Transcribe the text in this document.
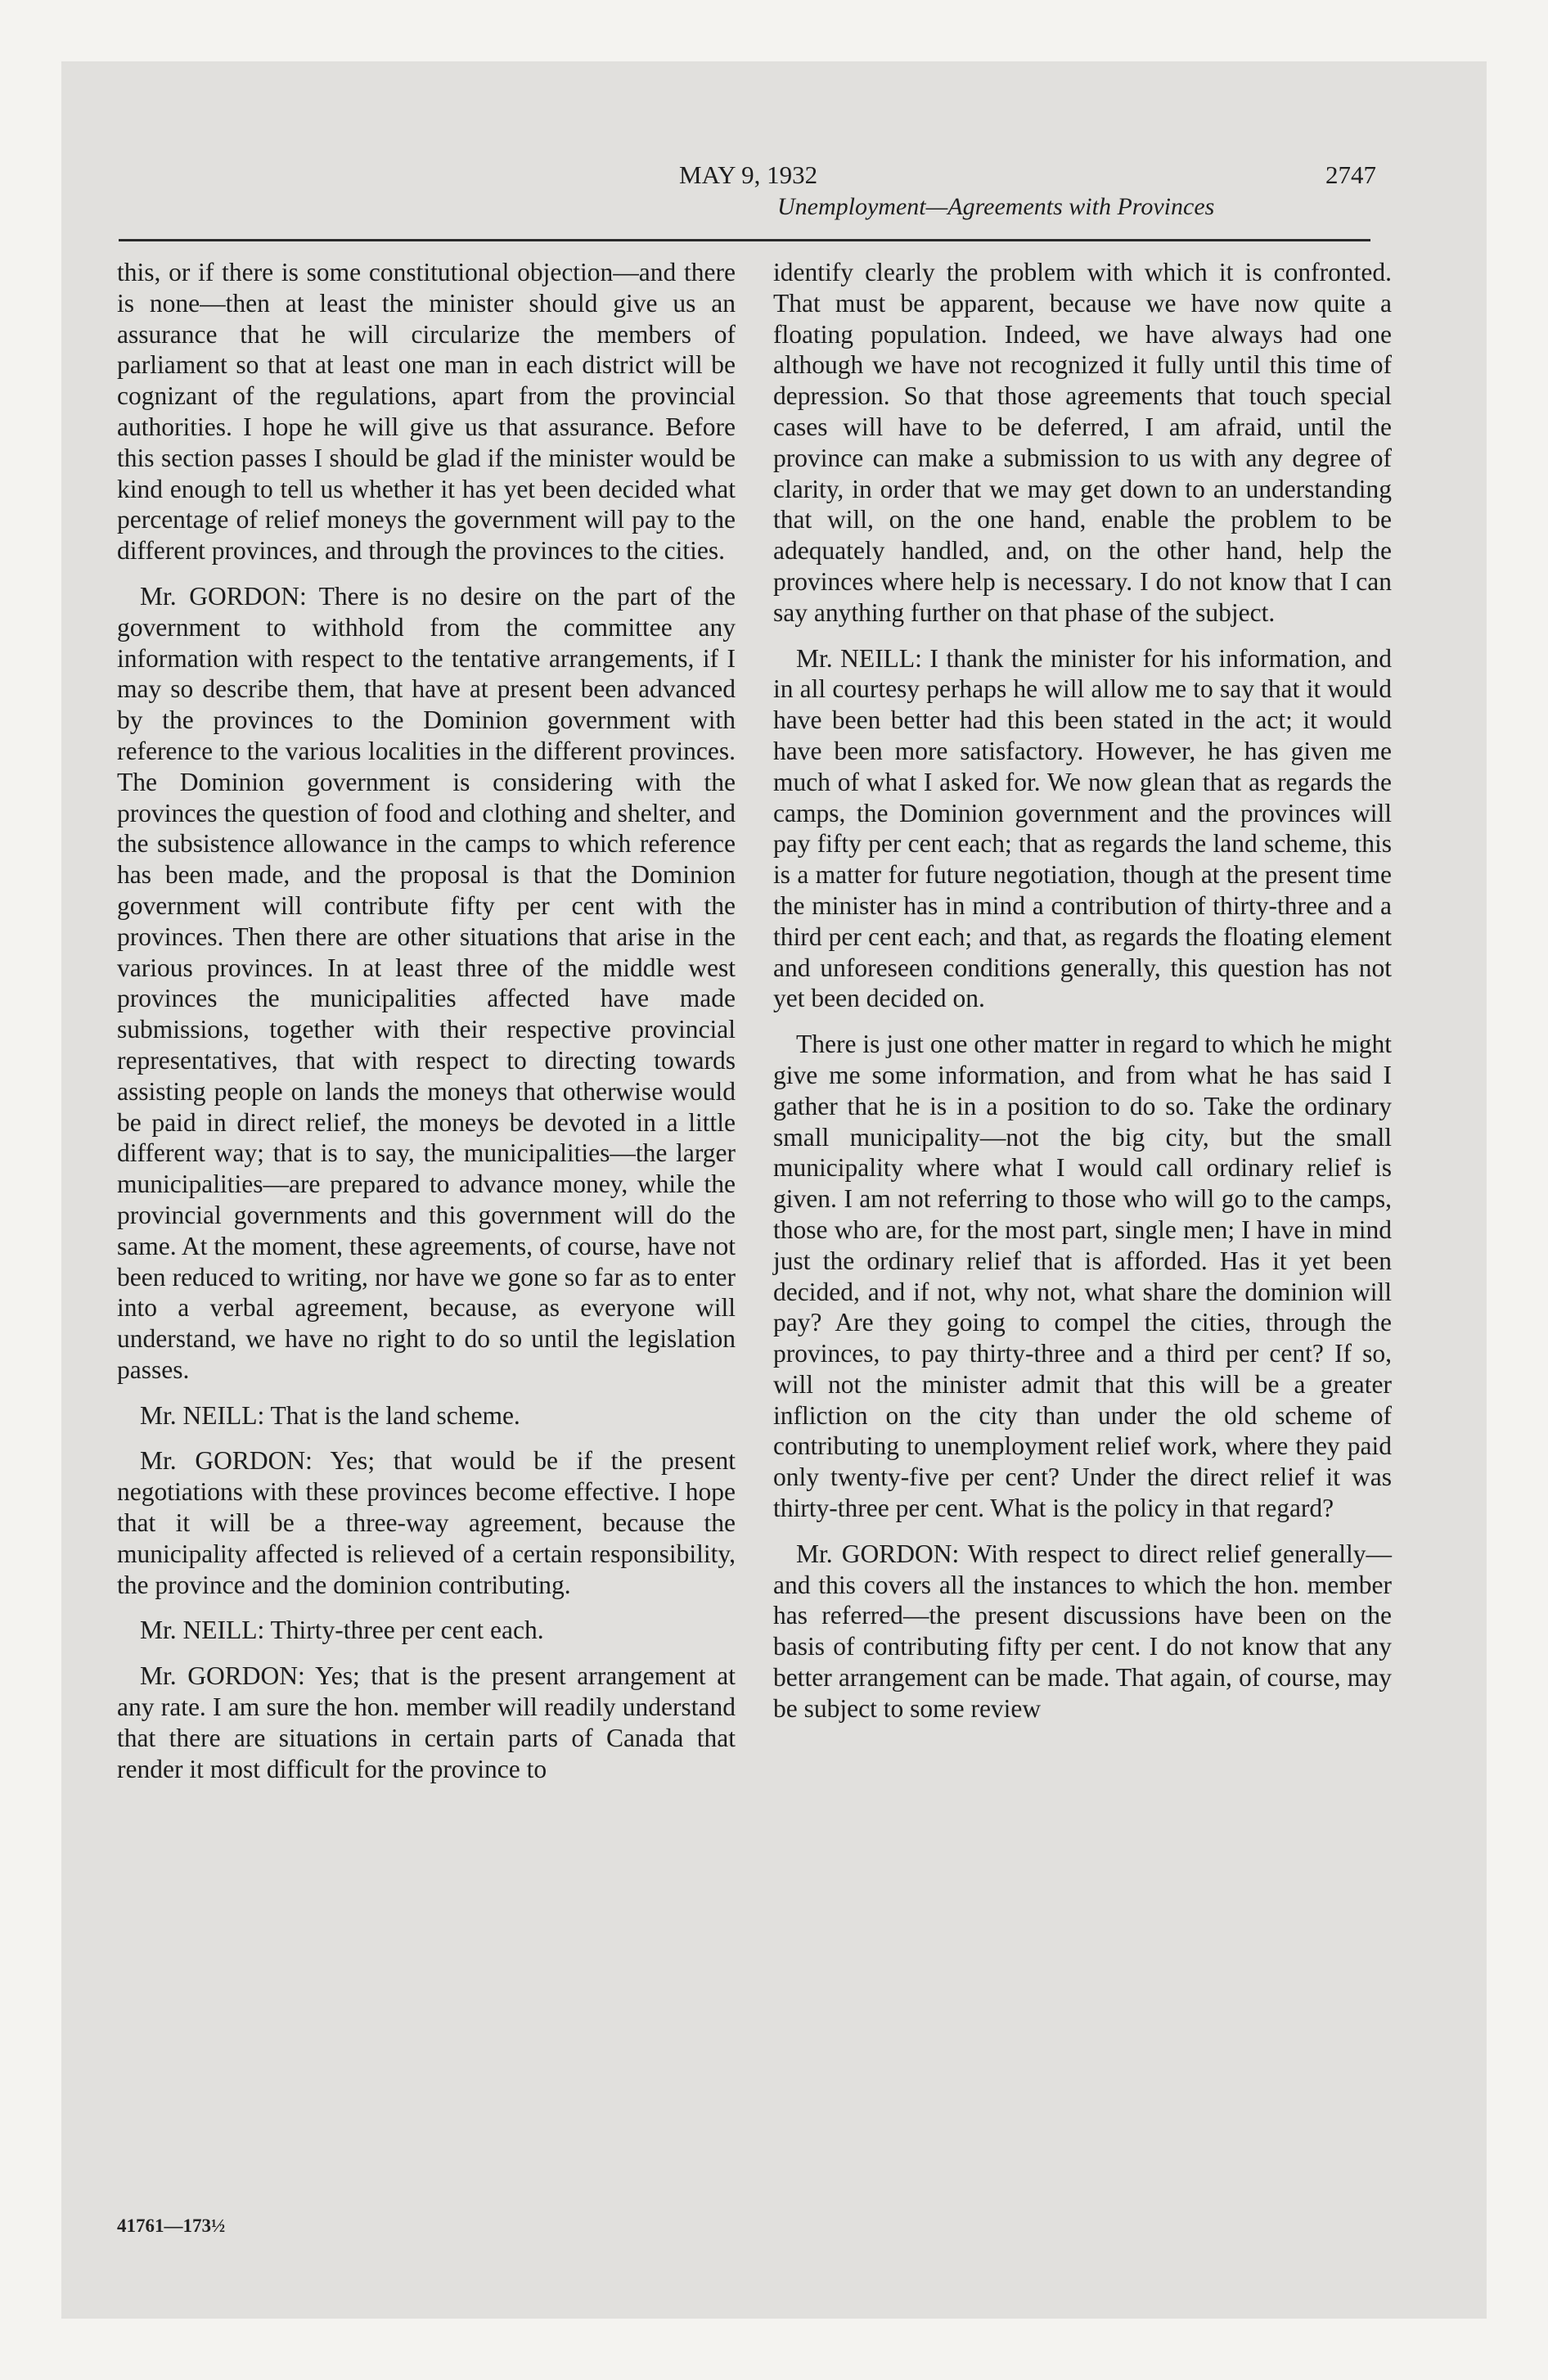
MAY 9, 1932	2747
Unemployment—Agreements with Provinces

this, or if there is some constitutional objection—and there is none—then at least the minister should give us an assurance that he will circularize the members of parliament so that at least one man in each district will be cognizant of the regulations, apart from the provincial authorities. I hope he will give us that assurance. Before this section passes I should be glad if the minister would be kind enough to tell us whether it has yet been decided what percentage of relief moneys the government will pay to the different provinces, and through the provinces to the cities.

Mr. GORDON: There is no desire on the part of the government to withhold from the committee any information with respect to the tentative arrangements, if I may so describe them, that have at present been advanced by the provinces to the Dominion government with reference to the various localities in the different provinces. The Dominion government is considering with the provinces the question of food and clothing and shelter, and the subsistence allowance in the camps to which reference has been made, and the proposal is that the Dominion government will contribute fifty per cent with the provinces. Then there are other situations that arise in the various provinces. In at least three of the middle west provinces the municipalities affected have made submissions, together with their respective provincial representatives, that with respect to directing towards assisting people on lands the moneys that otherwise would be paid in direct relief, the moneys be devoted in a little different way; that is to say, the municipalities—the larger municipalities—are prepared to advance money, while the provincial governments and this government will do the same. At the moment, these agreements, of course, have not been reduced to writing, nor have we gone so far as to enter into a verbal agreement, because, as everyone will understand, we have no right to do so until the legislation passes.

Mr. NEILL: That is the land scheme.

Mr. GORDON: Yes; that would be if the present negotiations with these provinces become effective. I hope that it will be a three-way agreement, because the municipality affected is relieved of a certain responsibility, the province and the dominion contributing.

Mr. NEILL: Thirty-three per cent each.

Mr. GORDON: Yes; that is the present arrangement at any rate. I am sure the hon. member will readily understand that there are situations in certain parts of Canada that render it most difficult for the province to

identify clearly the problem with which it is confronted. That must be apparent, because we have now quite a floating population. Indeed, we have always had one although we have not recognized it fully until this time of depression. So that those agreements that touch special cases will have to be deferred, I am afraid, until the province can make a submission to us with any degree of clarity, in order that we may get down to an understanding that will, on the one hand, enable the problem to be adequately handled, and, on the other hand, help the provinces where help is necessary. I do not know that I can say anything further on that phase of the subject.

Mr. NEILL: I thank the minister for his information, and in all courtesy perhaps he will allow me to say that it would have been better had this been stated in the act; it would have been more satisfactory. However, he has given me much of what I asked for. We now glean that as regards the camps, the Dominion government and the provinces will pay fifty per cent each; that as regards the land scheme, this is a matter for future negotiation, though at the present time the minister has in mind a contribution of thirty-three and a third per cent each; and that, as regards the floating element and unforeseen conditions generally, this question has not yet been decided on.

There is just one other matter in regard to which he might give me some information, and from what he has said I gather that he is in a position to do so. Take the ordinary small municipality—not the big city, but the small municipality where what I would call ordinary relief is given. I am not referring to those who will go to the camps, those who are, for the most part, single men; I have in mind just the ordinary relief that is afforded. Has it yet been decided, and if not, why not, what share the dominion will pay? Are they going to compel the cities, through the provinces, to pay thirty-three and a third per cent? If so, will not the minister admit that this will be a greater infliction on the city than under the old scheme of contributing to unemployment relief work, where they paid only twenty-five per cent? Under the direct relief it was thirty-three per cent. What is the policy in that regard?

Mr. GORDON: With respect to direct relief generally—and this covers all the instances to which the hon. member has referred—the present discussions have been on the basis of contributing fifty per cent. I do not know that any better arrangement can be made. That again, of course, may be subject to some review

41761—173½
